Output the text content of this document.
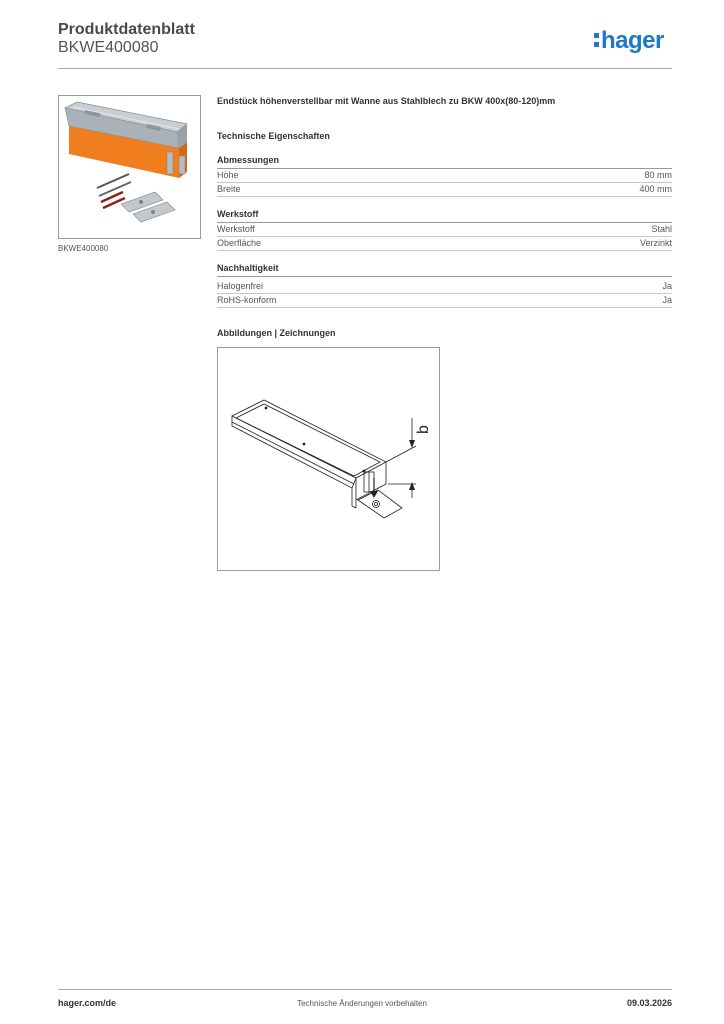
Produktdatenblatt
BKWE400080	hager
BKWE400080
Endstück höhenverstellbar mit Wanne aus Stahlblech zu BKW 400x(80-120)mm
Technische Eigenschaften
Abmessungen
Höhe	80 mm
Breite	400 mm
Werkstoff
Werkstoff	Stahl
Oberfläche	Verzinkt
Nachhaltigkeit
Halogenfrei	Ja
RoHS-konform	Ja
Abbildungen | Zeichnungen
b
hager.com/de	Technische Änderungen vorbehalten	09.03.2026
